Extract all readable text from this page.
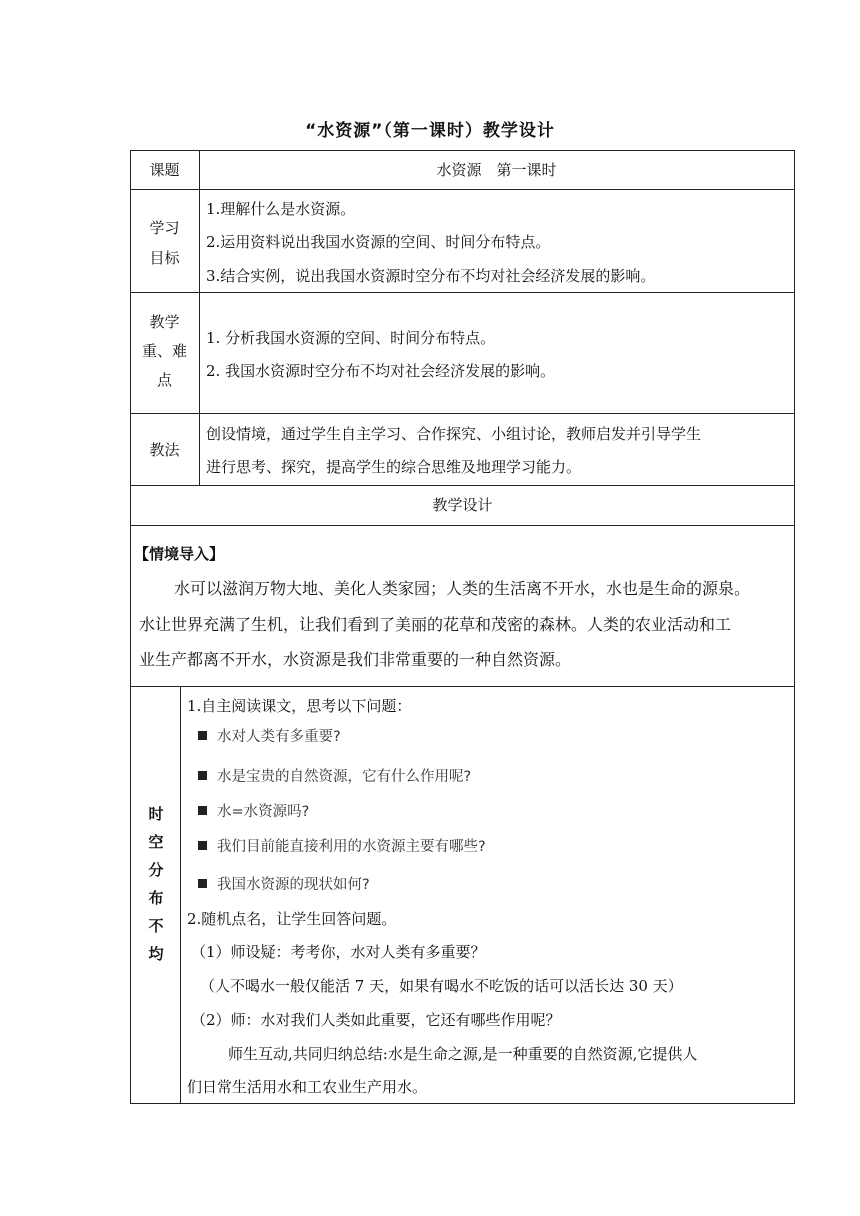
“水资源”（第一课时）教学设计
课题	水资源　第一课时
学习
目标
1.理解什么是水资源。
2.运用资料说出我国水资源的空间、时间分布特点。
3.结合实例，说出我国水资源时空分布不均对社会经济发展的影响。
教学
重、难
点
1. 分析我国水资源的空间、时间分布特点。
2. 我国水资源时空分布不均对社会经济发展的影响。
教法
创设情境，通过学生自主学习、合作探究、小组讨论，教师启发并引导学生
进行思考、探究，提高学生的综合思维及地理学习能力。
教学设计
【情境导入】
水可以滋润万物大地、美化人类家园；人类的生活离不开水，水也是生命的源泉。
水让世界充满了生机，让我们看到了美丽的花草和茂密的森林。人类的农业活动和工
业生产都离不开水，水资源是我们非常重要的一种自然资源。
时
空
分
布
不
均
1.自主阅读课文，思考以下问题：
水对人类有多重要?
水是宝贵的自然资源，它有什么作用呢?
水=水资源吗?
我们目前能直接利用的水资源主要有哪些?
我国水资源的现状如何?
2.随机点名，让学生回答问题。
（1）师设疑：考考你，水对人类有多重要？
（人不喝水一般仅能活 7 天，如果有喝水不吃饭的话可以活长达 30 天）
（2）师：水对我们人类如此重要，它还有哪些作用呢？
师生互动,共同归纳总结:水是生命之源,是一种重要的自然资源,它提供人
们日常生活用水和工农业生产用水。
